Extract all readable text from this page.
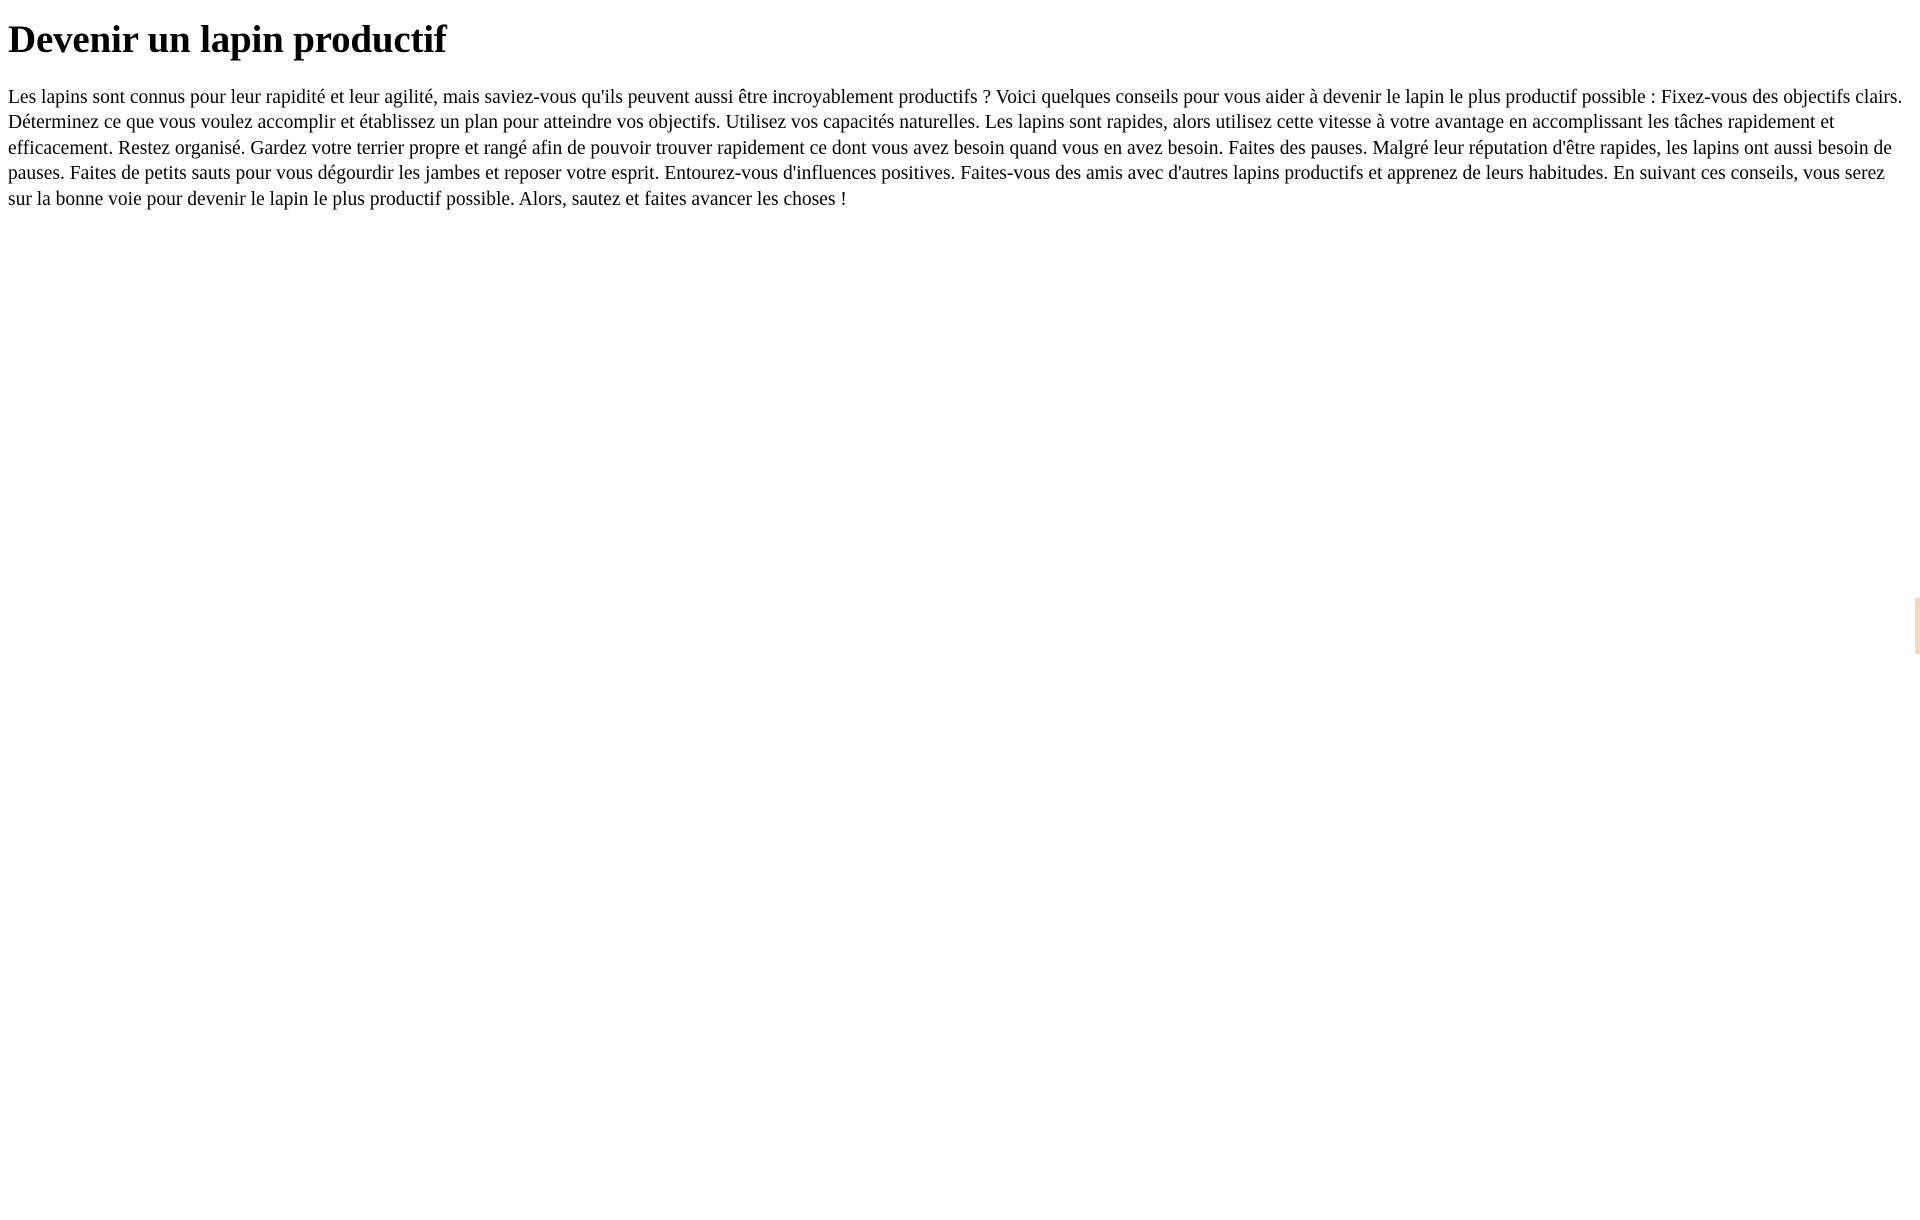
Devenir un lapin productif

Les lapins sont connus pour leur rapidité et leur agilité, mais saviez-vous qu'ils peuvent aussi être incroyablement productifs ? Voici quelques conseils pour vous aider à devenir le lapin le plus productif possible : Fixez-vous des objectifs clairs. Déterminez ce que vous voulez accomplir et établissez un plan pour atteindre vos objectifs. Utilisez vos capacités naturelles. Les lapins sont rapides, alors utilisez cette vitesse à votre avantage en accomplissant les tâches rapidement et efficacement. Restez organisé. Gardez votre terrier propre et rangé afin de pouvoir trouver rapidement ce dont vous avez besoin quand vous en avez besoin. Faites des pauses. Malgré leur réputation d'être rapides, les lapins ont aussi besoin de pauses. Faites de petits sauts pour vous dégourdir les jambes et reposer votre esprit. Entourez-vous d'influences positives. Faites-vous des amis avec d'autres lapins productifs et apprenez de leurs habitudes. En suivant ces conseils, vous serez sur la bonne voie pour devenir le lapin le plus productif possible. Alors, sautez et faites avancer les choses !
